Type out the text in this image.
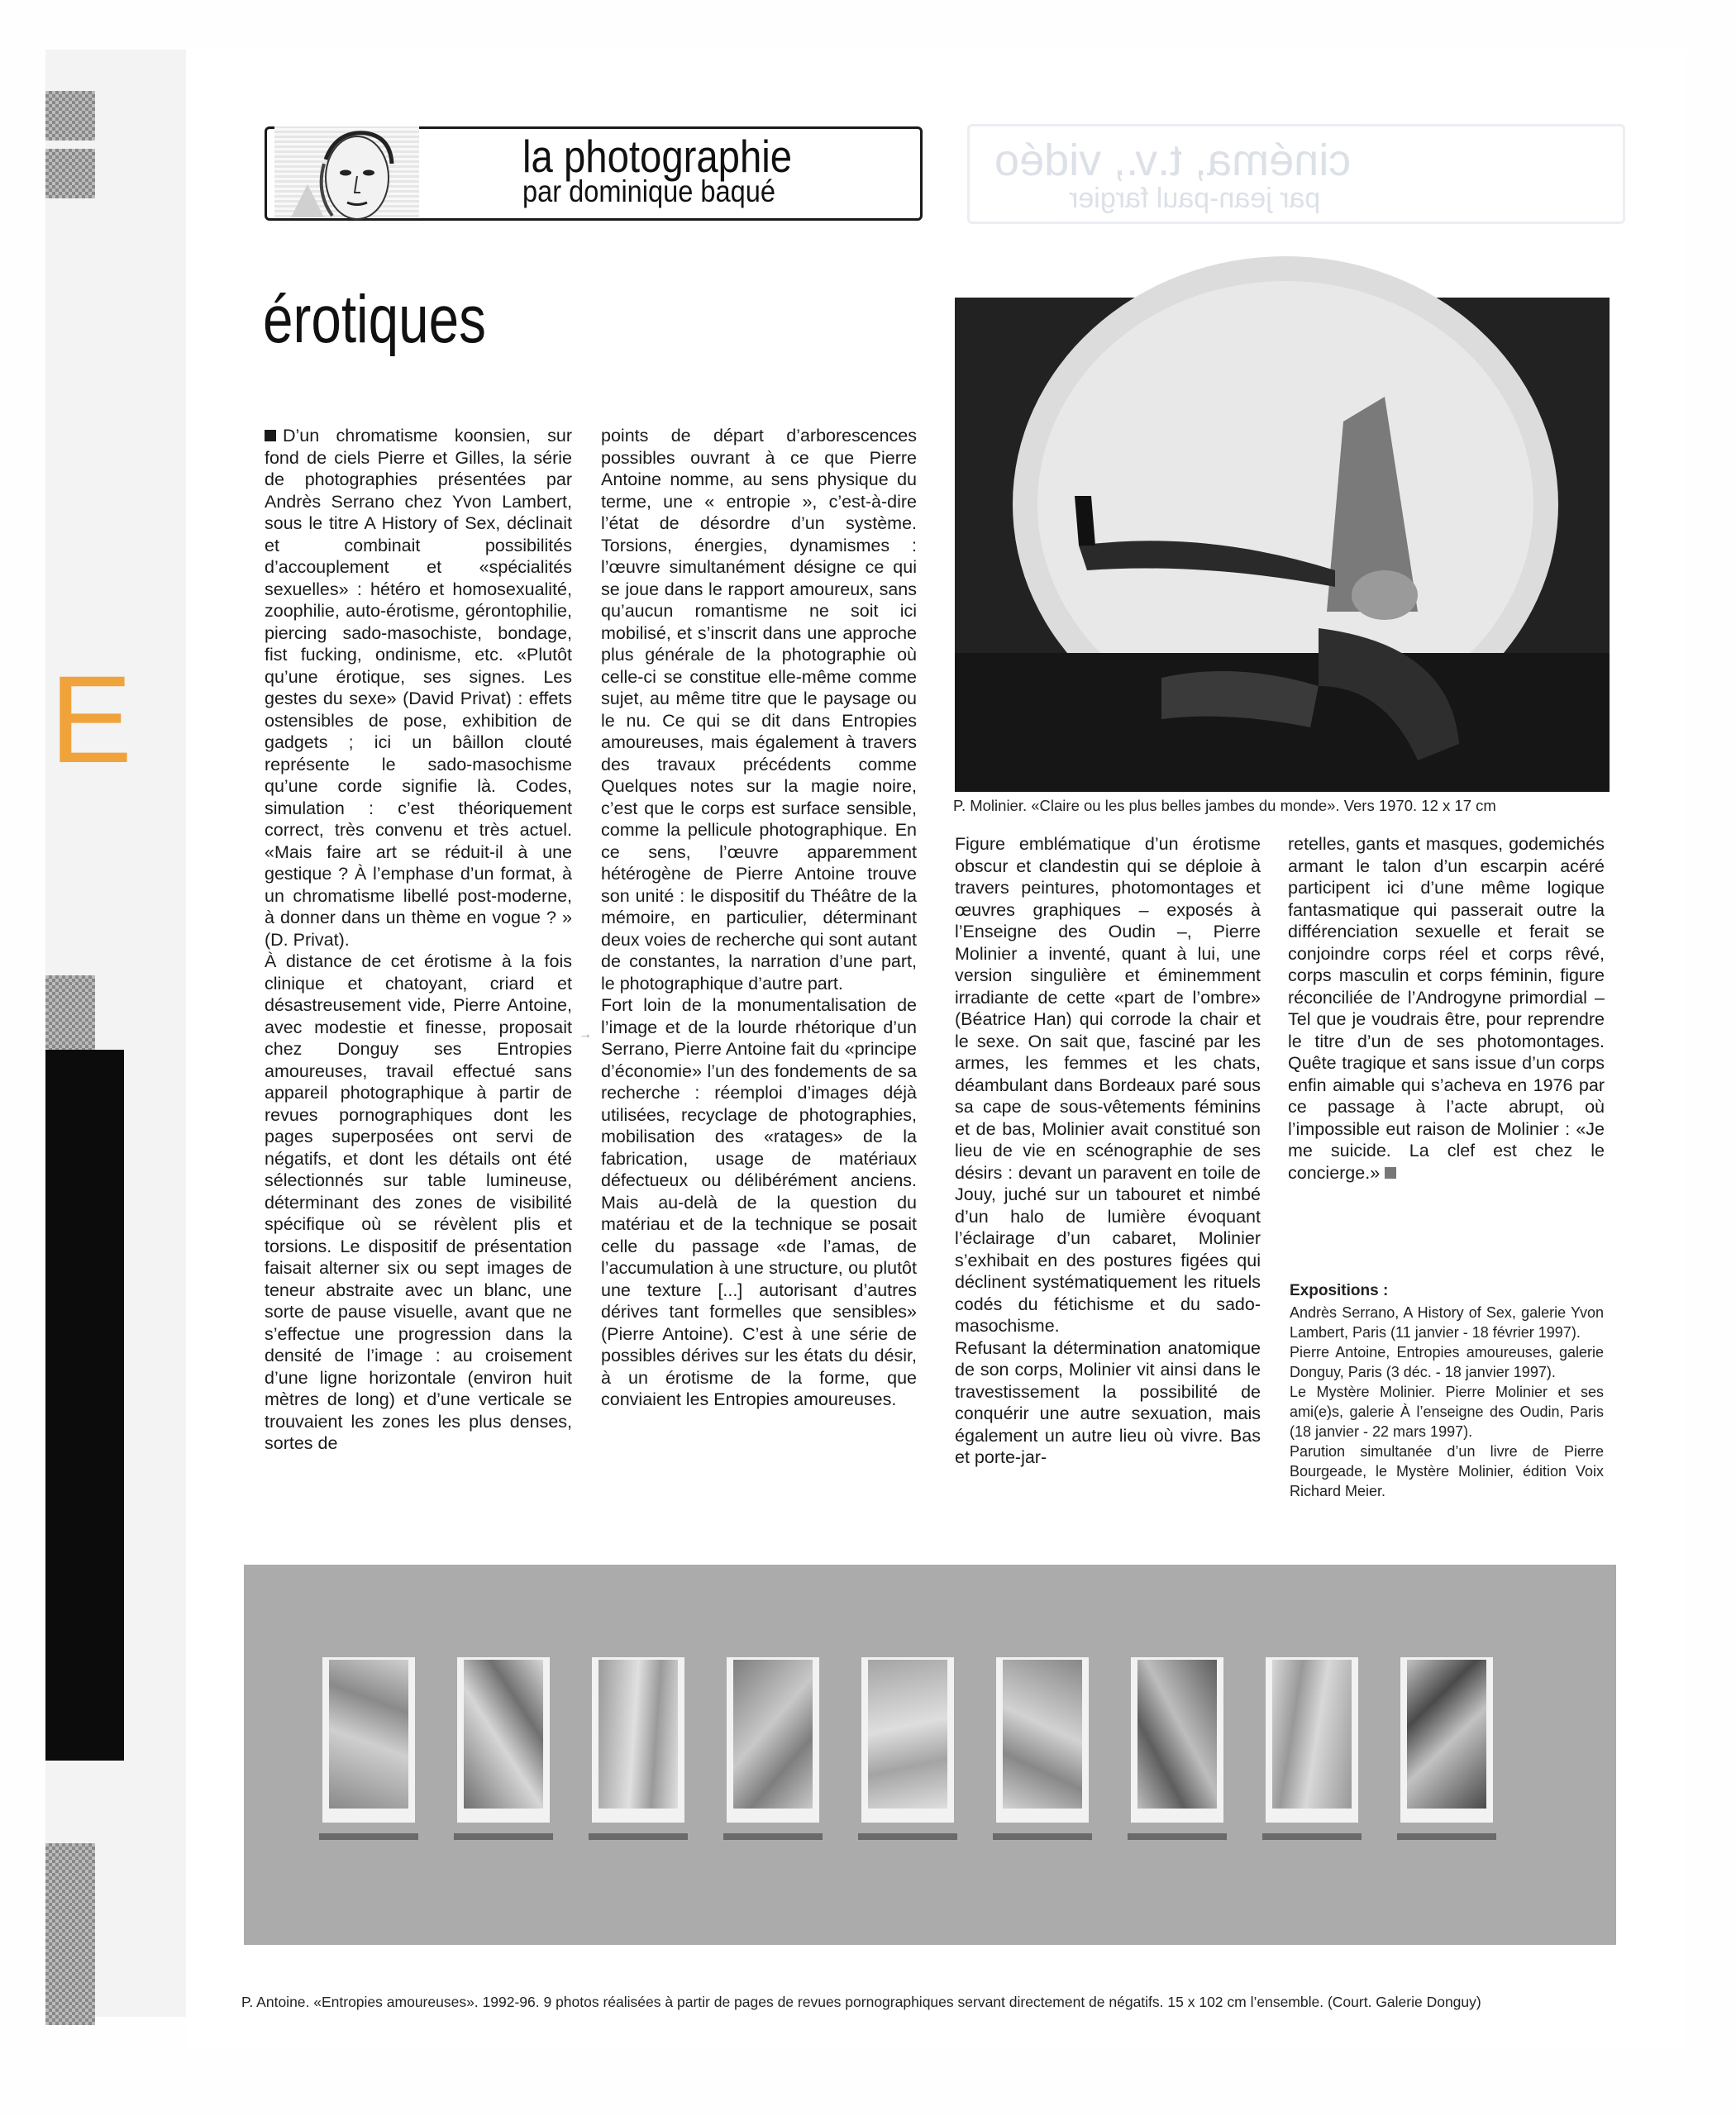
E
cinéma, t.v., vidéo
par jean-paul fargier
la photographie
par dominique baqué
érotiques

D’un chromatisme koonsien, sur fond de ciels Pierre et Gilles, la série de photographies présentées par Andrès Serrano chez Yvon Lambert, sous le titre A History of Sex, déclinait et combinait possibilités d’accouplement et «spécialités sexuelles» : hétéro et homosexualité, zoophilie, auto-érotisme, gérontophilie, piercing sado-masochiste, bondage, fist fucking, ondinisme, etc. «Plutôt qu’une érotique, ses signes. Les gestes du sexe» (David Privat) : effets ostensibles de pose, exhibition de gadgets ; ici un bâillon clouté représente le sado-masochisme qu’une corde signifie là. Codes, simulation : c’est théoriquement correct, très convenu et très actuel. «Mais faire art se réduit-il à une gestique ? À l’emphase d’un format, à un chromatisme libellé post-moderne, à donner dans un thème en vogue ? » (D. Privat).

À distance de cet érotisme à la fois clinique et chatoyant, criard et désastreusement vide, Pierre Antoine, avec modestie et finesse, proposait chez Donguy ses Entropies amoureuses, travail effectué sans appareil photographique à partir de revues pornographiques dont les pages superposées ont servi de négatifs, et dont les détails ont été sélectionnés sur table lumineuse, déterminant des zones de visibilité spécifique où se révèlent plis et torsions. Le dispositif de présentation faisait alterner six ou sept images de teneur abstraite avec un blanc, une sorte de pause visuelle, avant que ne s’effectue une progression dans la densité de l’image : au croisement d’une ligne horizontale (environ huit mètres de long) et d’une verticale se trouvaient les zones les plus denses, sortes de

points de départ d’arborescences possibles ouvrant à ce que Pierre Antoine nomme, au sens physique du terme, une « entropie », c’est-à-dire l’état de désordre d’un système. Torsions, énergies, dynamismes : l’œuvre simultanément désigne ce qui se joue dans le rapport amoureux, sans qu’aucun romantisme ne soit ici mobilisé, et s’inscrit dans une approche plus générale de la photographie où celle-ci se constitue elle-même comme sujet, au même titre que le paysage ou le nu. Ce qui se dit dans Entropies amoureuses, mais également à travers des travaux précédents comme Quelques notes sur la magie noire, c’est que le corps est surface sensible, comme la pellicule photographique. En ce sens, l’œuvre apparemment hétérogène de Pierre Antoine trouve son unité : le dispositif du Théâtre de la mémoire, en particulier, déterminant deux voies de recherche qui sont autant de constantes, la narration d’une part, le photographique d’autre part.

Fort loin de la monumentalisation de l’image et de la lourde rhétorique d’un Serrano, Pierre Antoine fait du «principe d’économie» l’un des fondements de sa recherche : réemploi d’images déjà utilisées, recyclage de photographies, mobilisation des «ratages» de la fabrication, usage de matériaux défectueux ou délibérément anciens. Mais au-delà de la question du matériau et de la technique se posait celle du passage «de l’amas, de l’accumulation à une structure, ou plutôt une texture [...] autorisant d’autres dérives tant formelles que sensibles» (Pierre Antoine). C’est à une série de possibles dérives sur les états du désir, à un érotisme de la forme, que conviaient les Entropies amoureuses.

→
P. Molinier. «Claire ou les plus belles jambes du monde». Vers 1970. 12 x 17 cm

Figure emblématique d’un érotisme obscur et clandestin qui se déploie à travers peintures, photomontages et œuvres graphiques – exposés à l’Enseigne des Oudin –, Pierre Molinier a inventé, quant à lui, une version singulière et éminemment irradiante de cette «part de l’ombre» (Béatrice Han) qui corrode la chair et le sexe. On sait que, fasciné par les armes, les femmes et les chats, déambulant dans Bordeaux paré sous sa cape de sous-vêtements féminins et de bas, Molinier avait constitué son lieu de vie en scénographie de ses désirs : devant un paravent en toile de Jouy, juché sur un tabouret et nimbé d’un halo de lumière évoquant l’éclairage d’un cabaret, Molinier s’exhibait en des postures figées qui déclinent systématiquement les rituels codés du fétichisme et du sado-masochisme.

Refusant la détermination anatomique de son corps, Molinier vit ainsi dans le travestissement la possibilité de conquérir une autre sexuation, mais également un autre lieu où vivre. Bas et porte-jar-

retelles, gants et masques, godemichés armant le talon d’un escarpin acéré participent ici d’une même logique fantasmatique qui passerait outre la différenciation sexuelle et ferait se conjoindre corps réel et corps rêvé, corps masculin et corps féminin, figure réconciliée de l’Androgyne primordial – Tel que je voudrais être, pour reprendre le titre d’un de ses photomontages. Quête tragique et sans issue d’un corps enfin aimable qui s’acheva en 1976 par ce passage à l’acte abrupt, où l’impossible eut raison de Molinier : «Je me suicide. La clef est chez le concierge.»

Expositions :

Andrès Serrano, A History of Sex, galerie Yvon Lambert, Paris (11 janvier - 18 février 1997).

Pierre Antoine, Entropies amoureuses, galerie Donguy, Paris (3 déc. - 18 janvier 1997).

Le Mystère Molinier. Pierre Molinier et ses ami(e)s, galerie À l’enseigne des Oudin, Paris (18 janvier - 22 mars 1997).

Parution simultanée d’un livre de Pierre Bourgeade, le Mystère Molinier, édition Voix Richard Meier.

P. Antoine. «Entropies amoureuses». 1992-96. 9 photos réalisées à partir de pages de revues pornographiques servant directement de négatifs. 15 x 102 cm l’ensemble. (Court. Galerie Donguy)
